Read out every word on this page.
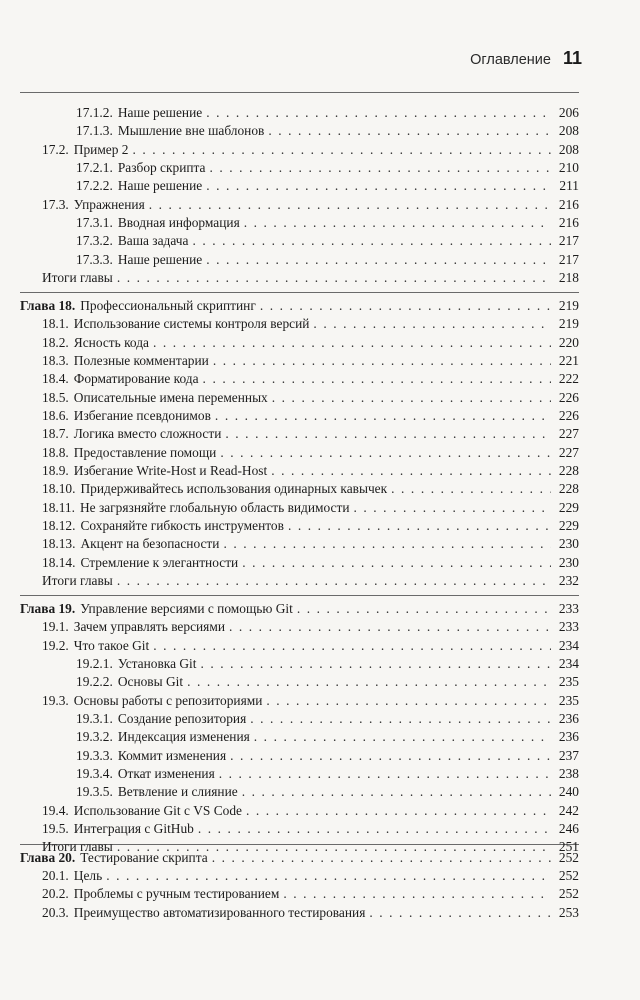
Оглавление 11
17.1.2. Наше решение . . .	206
17.1.3. Мышление вне шаблонов . . .	208
17.2. Пример 2 . . .	208
17.2.1. Разбор скрипта . . .	210
17.2.2. Наше решение . . .	211
17.3. Упражнения . . .	216
17.3.1. Вводная информация . . .	216
17.3.2. Ваша задача . . .	217
17.3.3. Наше решение . . .	217
Итоги главы . . .	218
Глава 18. Профессиональный скриптинг . . .	219
18.1. Использование системы контроля версий . . .	219
18.2. Ясность кода . . .	220
18.3. Полезные комментарии . . .	221
18.4. Форматирование кода . . .	222
18.5. Описательные имена переменных . . .	226
18.6. Избегание псевдонимов . . .	226
18.7. Логика вместо сложности . . .	227
18.8. Предоставление помощи . . .	227
18.9. Избегание Write-Host и Read-Host . . .	228
18.10. Придерживайтесь использования одинарных кавычек . . .	228
18.11. Не загрязняйте глобальную область видимости . . .	229
18.12. Сохраняйте гибкость инструментов . . .	229
18.13. Акцент на безопасности . . .	230
18.14. Стремление к элегантности . . .	230
Итоги главы . . .	232
Глава 19. Управление версиями с помощью Git . . .	233
19.1. Зачем управлять версиями . . .	233
19.2. Что такое Git . . .	234
19.2.1. Установка Git . . .	234
19.2.2. Основы Git . . .	235
19.3. Основы работы с репозиториями . . .	235
19.3.1. Создание репозитория . . .	236
19.3.2. Индексация изменения . . .	236
19.3.3. Коммит изменения . . .	237
19.3.4. Откат изменения . . .	238
19.3.5. Ветвление и слияние . . .	240
19.4. Использование Git с VS Code . . .	242
19.5. Интеграция с GitHub . . .	246
Итоги главы . . .	251
Глава 20. Тестирование скрипта . . .	252
20.1. Цель . . .	252
20.2. Проблемы с ручным тестированием . . .	252
20.3. Преимущество автоматизированного тестирования . . .	253
